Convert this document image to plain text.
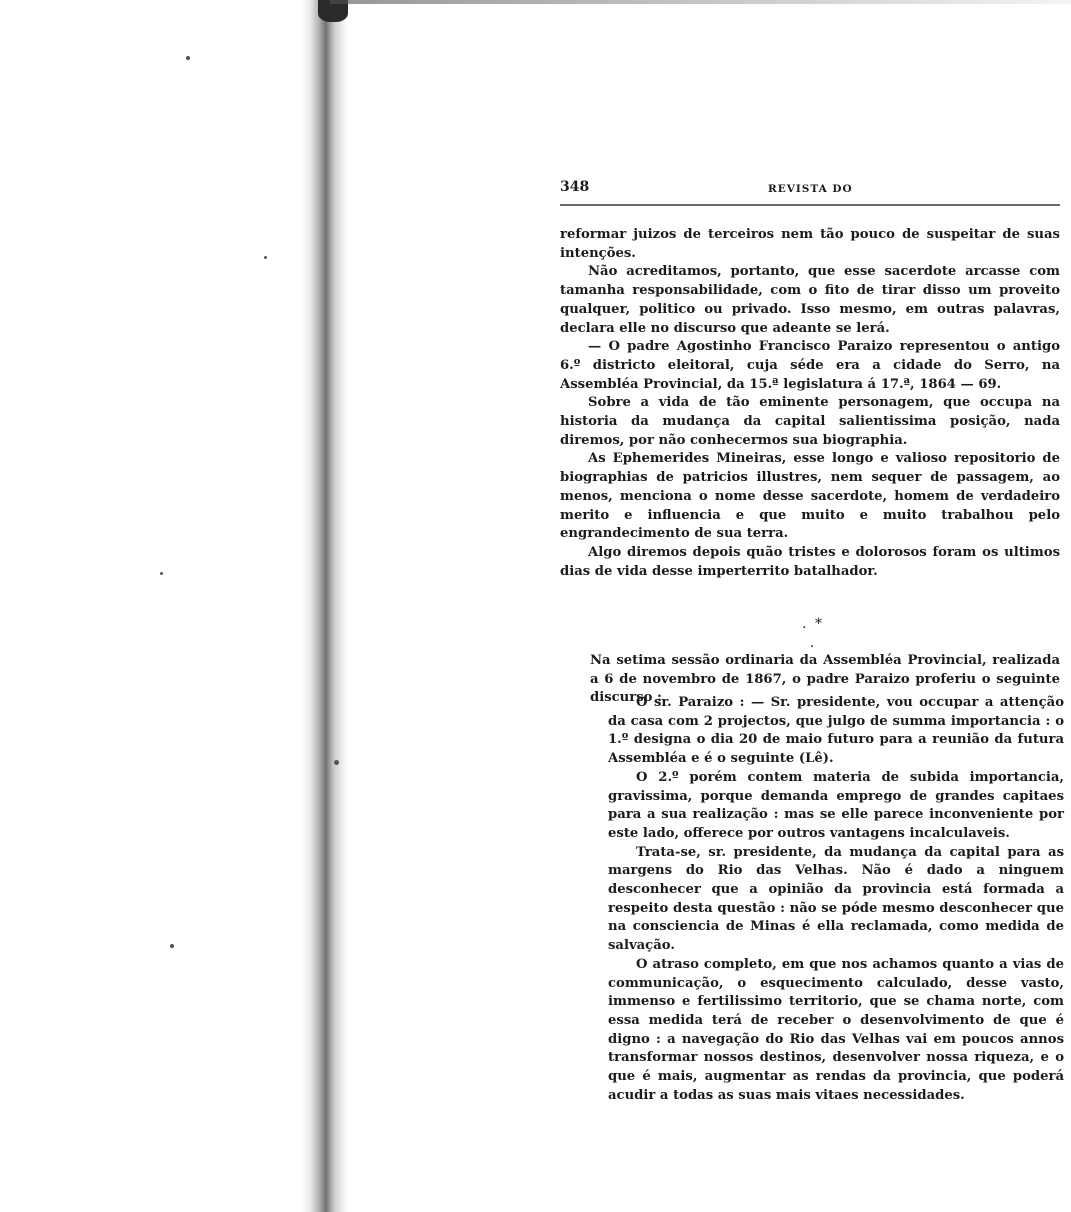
348	REVISTA DO

reformar juizos de terceiros nem tão pouco de suspeitar de suas intenções.

Não acreditamos, portanto, que esse sacerdote arcasse com tamanha responsabilidade, com o fito de tirar disso um proveito qualquer, politico ou privado. Isso mesmo, em outras palavras, declara elle no discurso que adeante se lerá.

— O padre Agostinho Francisco Paraizo representou o antigo 6.º districto eleitoral, cuja séde era a cidade do Serro, na Assembléa Provincial, da 15.ª legislatura á 17.ª, 1864 — 69.

Sobre a vida de tão eminente personagem, que occupa na historia da mudança da capital salientissima posição, nada diremos, por não conhecermos sua biographia.

As Ephemerides Mineiras, esse longo e valioso repositorio de biographias de patricios illustres, nem sequer de passagem, ao menos, menciona o nome desse sacerdote, homem de verdadeiro merito e influencia e que muito e muito trabalhou pelo engrandecimento de sua terra.

Algo diremos depois quão tristes e dolorosos foram os ultimos dias de vida desse imperterrito batalhador.

. * .

Na setima sessão ordinaria da Assembléa Provincial, realizada a 6 de novembro de 1867, o padre Paraizo proferiu o seguinte discurso :

O sr. Paraizo : — Sr. presidente, vou occupar a attenção da casa com 2 projectos, que julgo de summa importancia : o 1.º designa o dia 20 de maio futuro para a reunião da futura Assembléa e é o seguinte (Lê).

O 2.º porém contem materia de subida importancia, gravissima, porque demanda emprego de grandes capitaes para a sua realização : mas se elle parece inconveniente por este lado, offerece por outros vantagens incalculaveis.

Trata-se, sr. presidente, da mudança da capital para as margens do Rio das Velhas. Não é dado a ninguem desconhecer que a opinião da provincia está formada a respeito desta questão : não se póde mesmo desconhecer que na consciencia de Minas é ella reclamada, como medida de salvação.

O atraso completo, em que nos achamos quanto a vias de communicação, o esquecimento calculado, desse vasto, immenso e fertilissimo territorio, que se chama norte, com essa medida terá de receber o desenvolvimento de que é digno : a navegação do Rio das Velhas vai em poucos annos transformar nossos destinos, desenvolver nossa riqueza, e o que é mais, augmentar as rendas da provincia, que poderá acudir a todas as suas mais vitaes necessidades.
